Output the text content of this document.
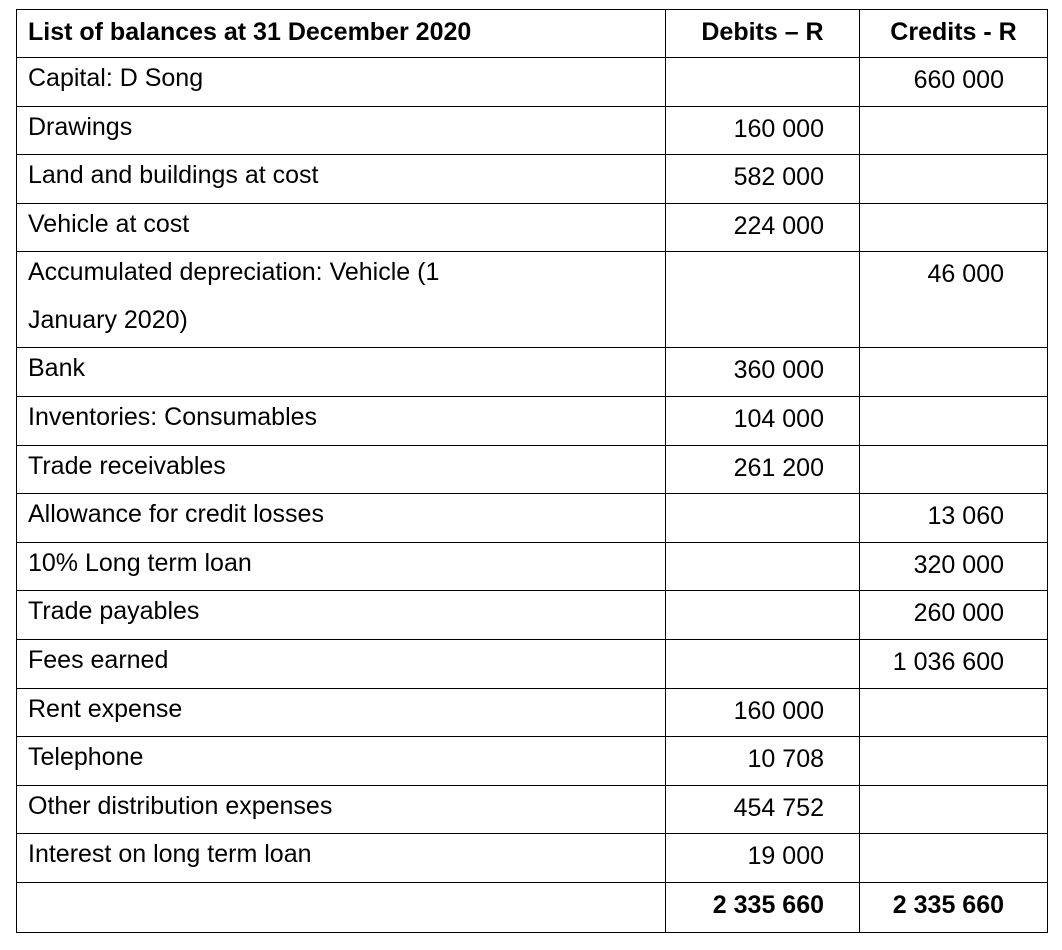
List of balances at 31 December 2020	Debits – R	Credits - R

Capital: D Song		660 000

Drawings	160 000	

Land and buildings at cost	582 000	

Vehicle at cost	224 000	

Accumulated depreciation: Vehicle (1 January 2020)		46 000

Bank	360 000	

Inventories: Consumables	104 000	

Trade receivables	261 200	

Allowance for credit losses		13 060

10% Long term loan		320 000

Trade payables		260 000

Fees earned		1 036 600

Rent expense	160 000	

Telephone	10 708	

Other distribution expenses	454 752	

Interest on long term loan	19 000	
	2 335 660	2 335 660
